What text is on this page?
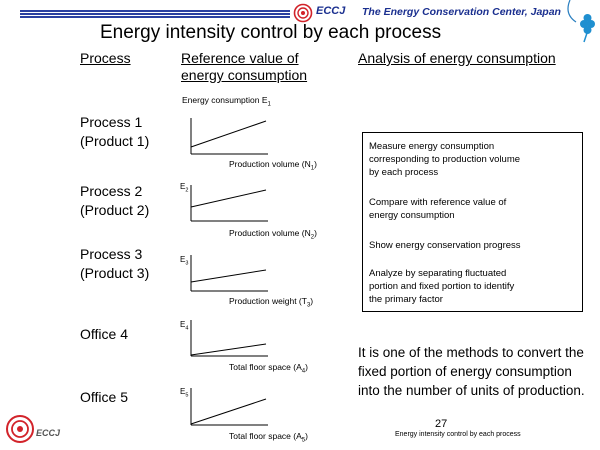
ECCJ The Energy Conservation Center, Japan
Energy intensity control by each process
Process	Reference value of
energy consumption
Analysis of energy consumption
Energy consumption $E_1$
Process 1
(Product 1)
Production volume $(N_1)$
Process 2
(Product 2)
$E_2$
Production volume $(N_2)$
Process 3
(Product 3)
$E_3$
Production weight $(T_3)$
Office 4
$E_4$
Total floor space $(A_4)$
Office 5	$E_5$
Total floor space $(A_5)$

Measure energy consumption
corresponding to production volume
by each process

Compare with reference value of
energy consumption

Show energy conservation progress

Analyze by separating fluctuated
portion and fixed portion to identify
the primary factor

It is one of the methods to convert the fixed portion of energy consumption into the number of units of production.
27
Energy intensity control by each process
ECCJ
